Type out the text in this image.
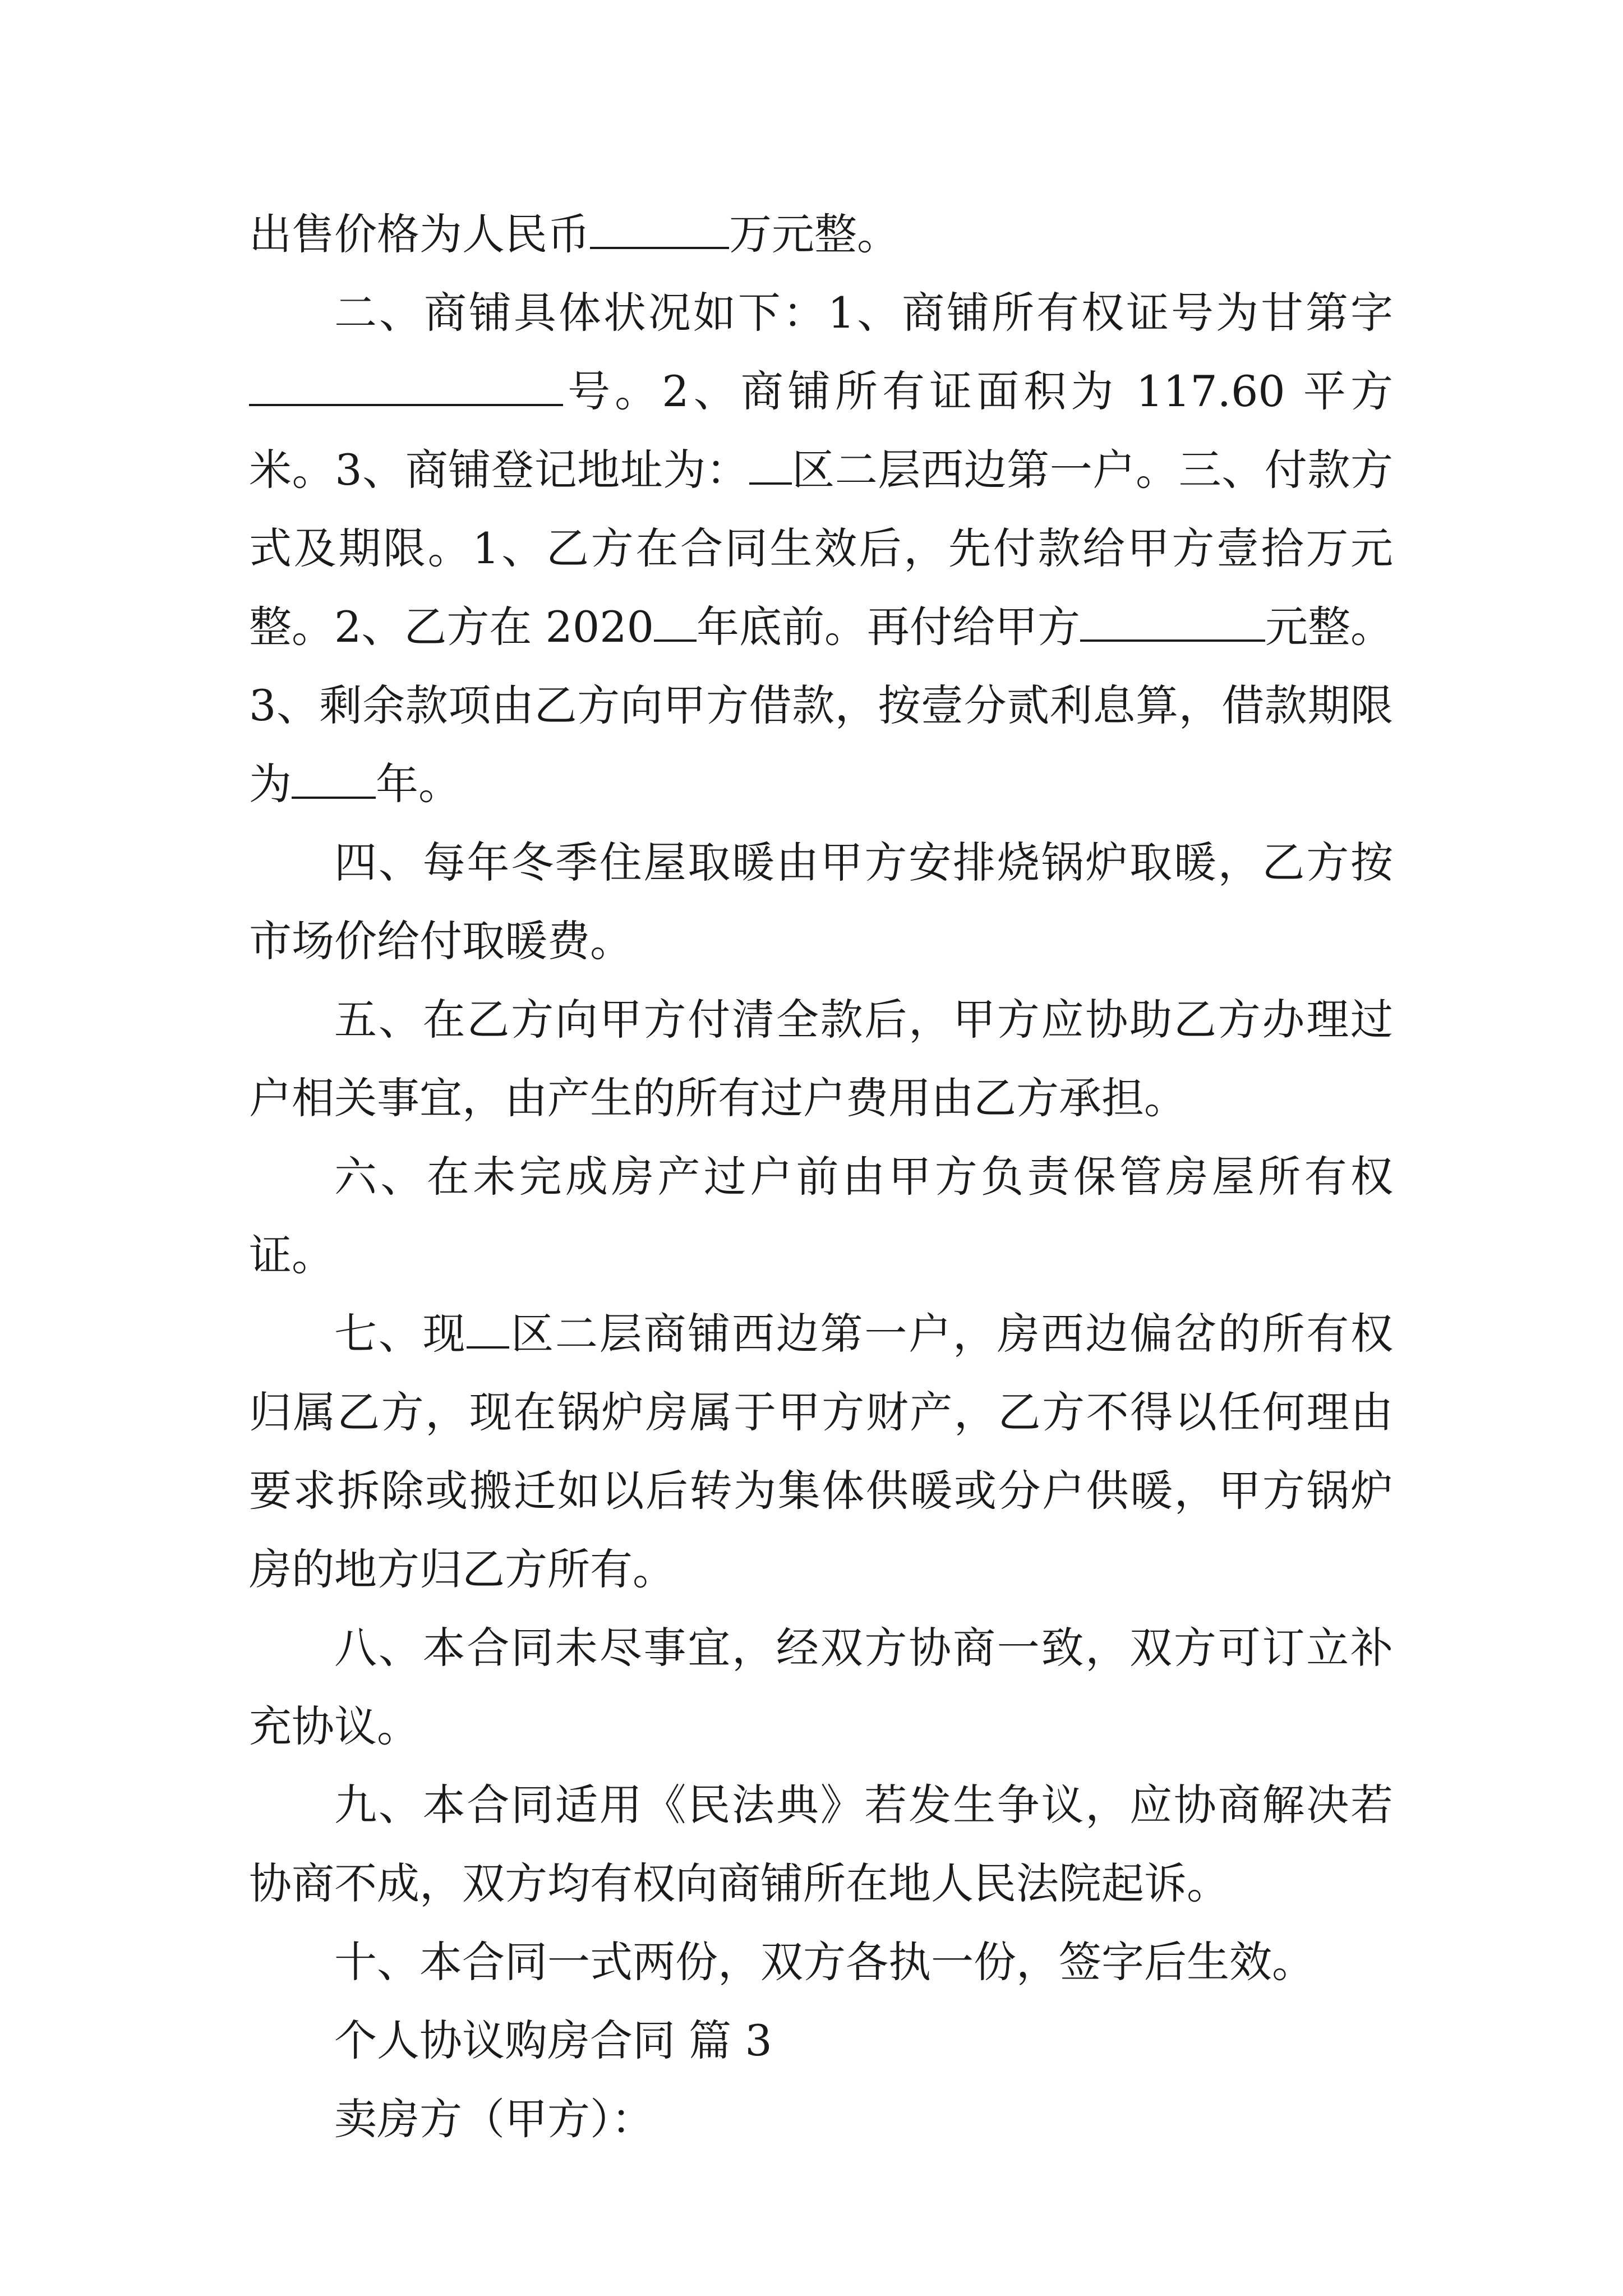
出售价格为人民币	万元整。

二、商铺具体状况如下：1、商铺所有权证号为甘第字号。2、商铺所有证面积为 117.60 平方米。3、商铺登记地址为： 区二层西边第一户。三、付款方式及期限。1、乙方在合同生效后，先付款给甲方壹拾万元整。2、乙方在 2020 年底前。再付给甲方	元整。3、剩余款项由乙方向甲方借款，按壹分贰利息算，借款期限为 年。

四、每年冬季住屋取暖由甲方安排烧锅炉取暖，乙方按市场价给付取暖费。

五、在乙方向甲方付清全款后，甲方应协助乙方办理过户相关事宜，由产生的所有过户费用由乙方承担。

六、在未完成房产过户前由甲方负责保管房屋所有权证。

七、现 区二层商铺西边第一户，房西边偏岔的所有权归属乙方，现在锅炉房属于甲方财产，乙方不得以任何理由要求拆除或搬迁如以后转为集体供暖或分户供暖，甲方锅炉房的地方归乙方所有。

八、本合同未尽事宜，经双方协商一致，双方可订立补充协议。

九、本合同适用《民法典》若发生争议，应协商解决若协商不成，双方均有权向商铺所在地人民法院起诉。

十、本合同一式两份，双方各执一份，签字后生效。

个人协议购房合同 篇 3

卖房方（甲方）：
